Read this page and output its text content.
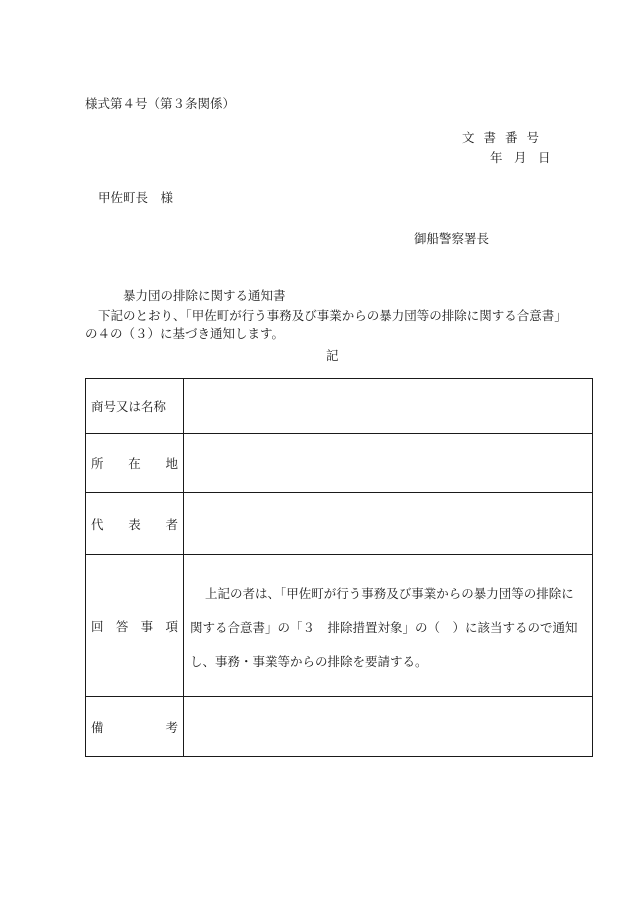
様式第４号（第３条関係）
文書番号
年 月 日
甲佐町長　様
御船警察署長
暴力団の排除に関する通知書
下記のとおり、「甲佐町が行う事務及び事業からの暴力団等の排除に関する合意書」
の４の（３）に基づき通知します。
記
商号又は名称	

所 在 地	

代 表 者	

回 答 事 項	上記の者は、「甲佐町が行う事務及び事業からの暴力団等の排除に関する合意書」の「３　排除措置対象」の（　）に該当するので通知し、事務・事業等からの排除を要請する。

備 考	
